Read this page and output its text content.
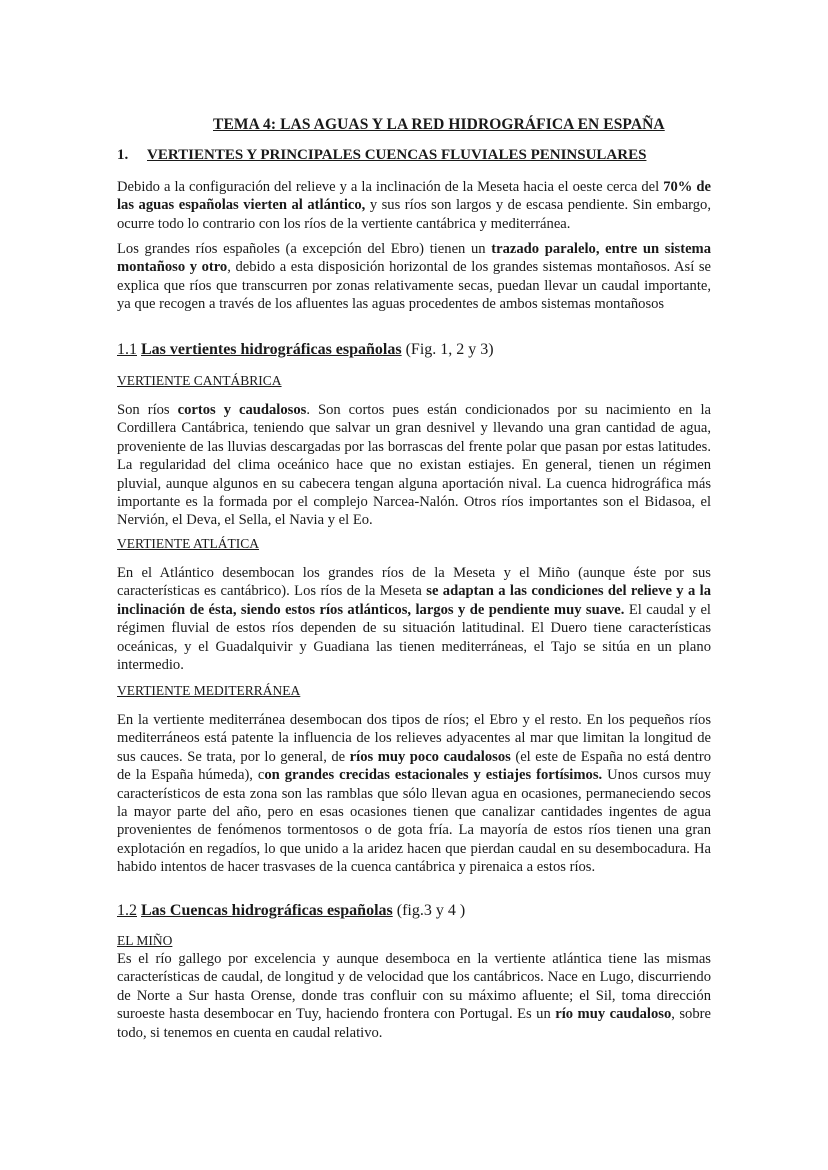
TEMA 4: LAS AGUAS Y LA RED HIDROGRÁFICA EN ESPAÑA
1. VERTIENTES Y PRINCIPALES CUENCAS FLUVIALES PENINSULARES

Debido a la configuración del relieve y a la inclinación de la Meseta hacia el oeste cerca del 70% de las aguas españolas vierten al atlántico, y sus ríos son largos y de escasa pendiente. Sin embargo, ocurre todo lo contrario con los ríos de la vertiente cantábrica y mediterránea.

Los grandes ríos españoles (a excepción del Ebro) tienen un trazado paralelo, entre un sistema montañoso y otro, debido a esta disposición horizontal de los grandes sistemas montañosos. Así se explica que ríos que transcurren por zonas relativamente secas, puedan llevar un caudal importante, ya que recogen a través de los afluentes las aguas procedentes de ambos sistemas montañosos

1.1 Las vertientes hidrográficas españolas (Fig. 1, 2 y 3)
VERTIENTE CANTÁBRICA

Son ríos cortos y caudalosos. Son cortos pues están condicionados por su nacimiento en la Cordillera Cantábrica, teniendo que salvar un gran desnivel y llevando una gran cantidad de agua, proveniente de las lluvias descargadas por las borrascas del frente polar que pasan por estas latitudes. La regularidad del clima oceánico hace que no existan estiajes. En general, tienen un régimen pluvial, aunque algunos en su cabecera tengan alguna aportación nival. La cuenca hidrográfica más importante es la formada por el complejo Narcea-Nalón. Otros ríos importantes son el Bidasoa, el Nervión, el Deva, el Sella, el Navia y el Eo.

VERTIENTE ATLÁTICA

En el Atlántico desembocan los grandes ríos de la Meseta y el Miño (aunque éste por sus características es cantábrico). Los ríos de la Meseta se adaptan a las condiciones del relieve y a la inclinación de ésta, siendo estos ríos atlánticos, largos y de pendiente muy suave. El caudal y el régimen fluvial de estos ríos dependen de su situación latitudinal. El Duero tiene características oceánicas, y el Guadalquivir y Guadiana las tienen mediterráneas, el Tajo se sitúa en un plano intermedio.

VERTIENTE MEDITERRÁNEA

En la vertiente mediterránea desembocan dos tipos de ríos; el Ebro y el resto. En los pequeños ríos mediterráneos está patente la influencia de los relieves adyacentes al mar que limitan la longitud de sus cauces. Se trata, por lo general, de ríos muy poco caudalosos (el este de España no está dentro de la España húmeda), con grandes crecidas estacionales y estiajes fortísimos. Unos cursos muy característicos de esta zona son las ramblas que sólo llevan agua en ocasiones, permaneciendo secos la mayor parte del año, pero en esas ocasiones tienen que canalizar cantidades ingentes de agua provenientes de fenómenos tormentosos o de gota fría. La mayoría de estos ríos tienen una gran explotación en regadíos, lo que unido a la aridez hacen que pierdan caudal en su desembocadura. Ha habido intentos de hacer trasvases de la cuenca cantábrica y pirenaica a estos ríos.

1.2 Las Cuencas hidrográficas españolas (fig.3 y 4 )
EL MIÑO

Es el río gallego por excelencia y aunque desemboca en la vertiente atlántica tiene las mismas características de caudal, de longitud y de velocidad que los cantábricos. Nace en Lugo, discurriendo de Norte a Sur hasta Orense, donde tras confluir con su máximo afluente; el Sil, toma dirección suroeste hasta desembocar en Tuy, haciendo frontera con Portugal. Es un río muy caudaloso, sobre todo, si tenemos en cuenta en caudal relativo.
